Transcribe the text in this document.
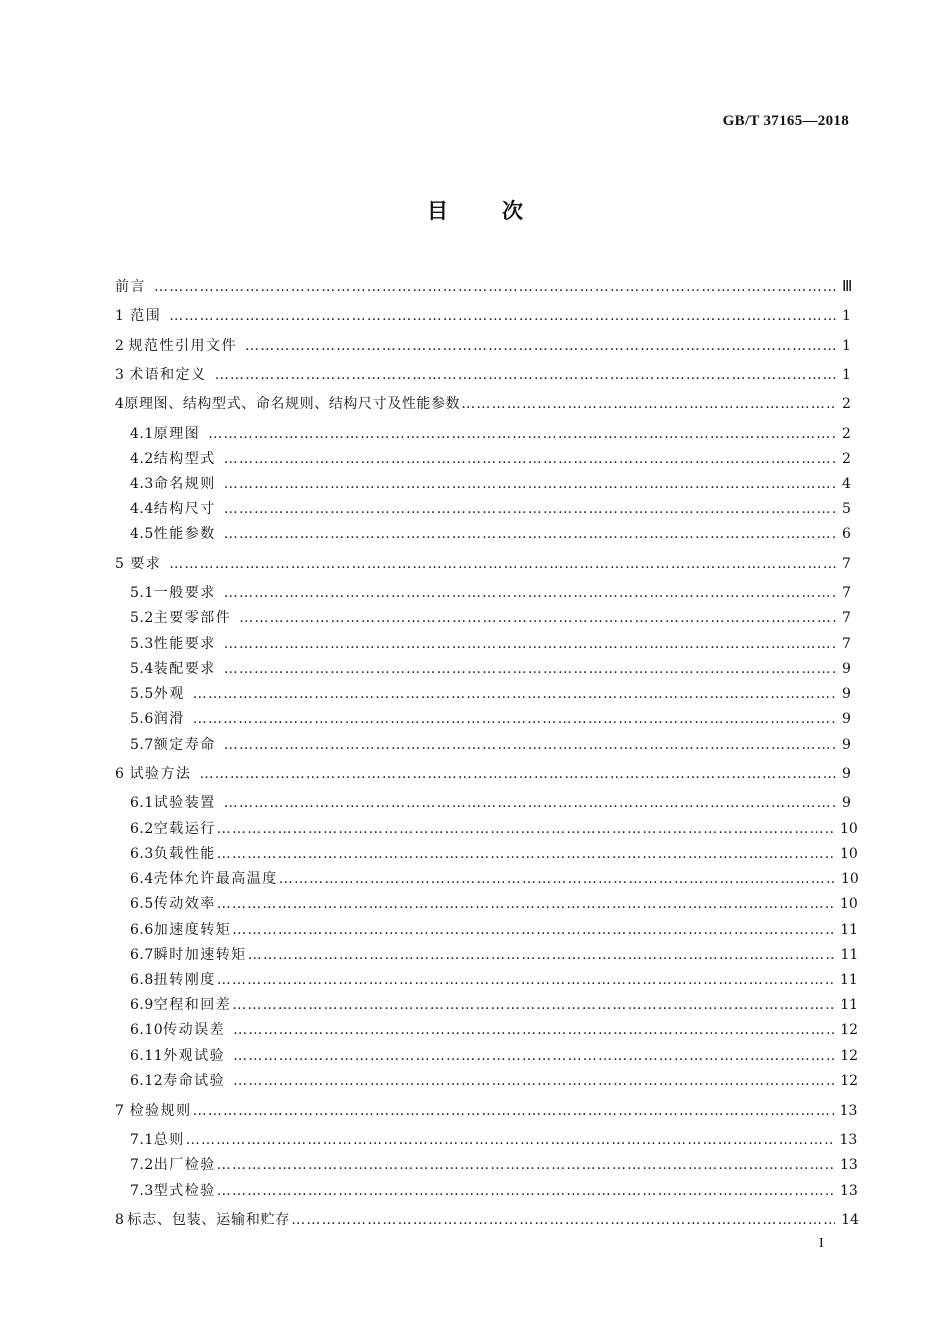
GB/T 37165—2018
目次
前言 ………………………………………………………………………………………………………………………………………………………………………………………………	Ⅲ
1 范围 ………………………………………………………………………………………………………………………………………………………………………………………………	1
2 规范性引用文件 ………………………………………………………………………………………………………………………………………………………………………………………………	1
3 术语和定义 ………………………………………………………………………………………………………………………………………………………………………………………………	1
4 原理图、结构型式、命名规则、结构尺寸及性能参数 ………………………………………………………………………………………………………………………………………………………………………………………………	2
4.1 原理图 ………………………………………………………………………………………………………………………………………………………………………………………………	2
4.2 结构型式 ………………………………………………………………………………………………………………………………………………………………………………………………	2
4.3 命名规则 ………………………………………………………………………………………………………………………………………………………………………………………………	4
4.4 结构尺寸 ………………………………………………………………………………………………………………………………………………………………………………………………	5
4.5 性能参数 ………………………………………………………………………………………………………………………………………………………………………………………………	6
5 要求 ………………………………………………………………………………………………………………………………………………………………………………………………	7
5.1 一般要求 ………………………………………………………………………………………………………………………………………………………………………………………………	7
5.2 主要零部件 ………………………………………………………………………………………………………………………………………………………………………………………………	7
5.3 性能要求 ………………………………………………………………………………………………………………………………………………………………………………………………	7
5.4 装配要求 ………………………………………………………………………………………………………………………………………………………………………………………………	9
5.5 外观 ………………………………………………………………………………………………………………………………………………………………………………………………	9
5.6 润滑 ………………………………………………………………………………………………………………………………………………………………………………………………	9
5.7 额定寿命 ………………………………………………………………………………………………………………………………………………………………………………………………	9
6 试验方法 ………………………………………………………………………………………………………………………………………………………………………………………………	9
6.1 试验装置 ………………………………………………………………………………………………………………………………………………………………………………………………	9
6.2 空载运行 ………………………………………………………………………………………………………………………………………………………………………………………………	10
6.3 负载性能 ………………………………………………………………………………………………………………………………………………………………………………………………	10
6.4 壳体允许最高温度 ………………………………………………………………………………………………………………………………………………………………………………………………	10
6.5 传动效率 ………………………………………………………………………………………………………………………………………………………………………………………………	10
6.6 加速度转矩 ………………………………………………………………………………………………………………………………………………………………………………………………	11
6.7 瞬时加速转矩 ………………………………………………………………………………………………………………………………………………………………………………………………	11
6.8 扭转刚度 ………………………………………………………………………………………………………………………………………………………………………………………………	11
6.9 空程和回差 ………………………………………………………………………………………………………………………………………………………………………………………………	11
6.10 传动误差 ………………………………………………………………………………………………………………………………………………………………………………………………	12
6.11 外观试验 ………………………………………………………………………………………………………………………………………………………………………………………………	12
6.12 寿命试验 ………………………………………………………………………………………………………………………………………………………………………………………………	12
7 检验规则 ………………………………………………………………………………………………………………………………………………………………………………………………	13
7.1 总则 ………………………………………………………………………………………………………………………………………………………………………………………………	13
7.2 出厂检验 ………………………………………………………………………………………………………………………………………………………………………………………………	13
7.3 型式检验 ………………………………………………………………………………………………………………………………………………………………………………………………	13
8 标志、包装、运输和贮存 ………………………………………………………………………………………………………………………………………………………………………………………………	14
I
